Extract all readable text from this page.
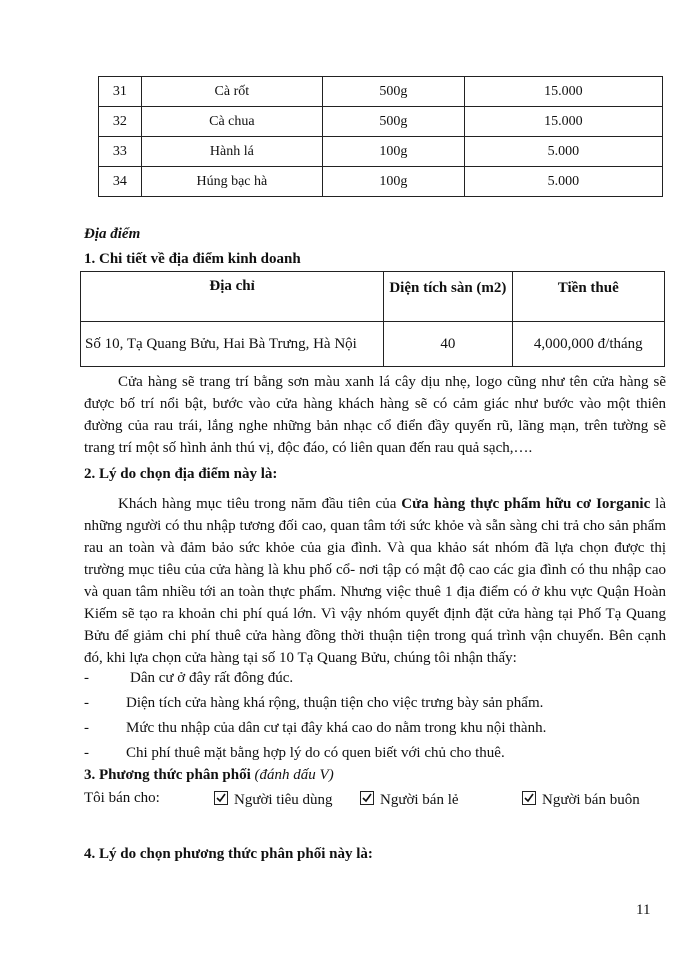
31	Cà rốt	500g	15.000
32	Cà chua	500g	15.000
33	Hành lá	100g	5.000
34	Húng bạc hà	100g	5.000
Địa điểm
1. Chi tiết về địa điểm kinh doanh
Địa chỉ	Diện tích sàn (m2)	Tiền thuê
Số 10, Tạ Quang Bửu, Hai Bà Trưng, Hà Nội	40	4,000,000 đ/tháng
Cửa hàng sẽ trang trí bằng sơn màu xanh lá cây dịu nhẹ, logo cũng như tên cửa hàng sẽ được bố trí nổi bật, bước vào cửa hàng khách hàng sẽ có cảm giác như bước vào một thiên đường của rau trái, lắng nghe những bản nhạc cổ điển đầy quyến rũ, lãng mạn, trên tường sẽ trang trí một số hình ảnh thú vị, độc đáo, có liên quan đến rau quả sạch,….
2. Lý do chọn địa điểm này là:
Khách hàng mục tiêu trong năm đầu tiên của Cửa hàng thực phẩm hữu cơ Iorganic là những người có thu nhập tương đối cao, quan tâm tới sức khỏe và sẵn sàng chi trả cho sản phẩm rau an toàn và đảm bảo sức khỏe của gia đình. Và qua khảo sát nhóm đã lựa chọn được thị trường mục tiêu của cửa hàng là khu phố cổ- nơi tập có mật độ cao các gia đình có thu nhập cao và quan tâm nhiều tới an toàn thực phẩm. Nhưng việc thuê 1 địa điểm có ở khu vực Quận Hoàn Kiếm sẽ tạo ra khoản chi phí quá lớn. Vì vậy nhóm quyết định đặt cửa hàng tại Phố Tạ Quang Bửu để giảm chi phí thuê cửa hàng đồng thời thuận tiện trong quá trình vận chuyển. Bên cạnh đó, khi lựa chọn cửa hàng tại số 10 Tạ Quang Bửu, chúng tôi nhận thấy:
-	Dân cư ở đây rất đông đúc.
- Diện tích cửa hàng khá rộng, thuận tiện cho việc trưng bày sản phẩm.
- Mức thu nhập của dân cư tại đây khá cao do nằm trong khu nội thành.
- Chi phí thuê mặt bằng hợp lý do có quen biết với chủ cho thuê.
3. Phương thức phân phối (đánh dấu V)
Tôi bán cho:	Người tiêu dùng	Người bán lẻ	Người bán buôn
4. Lý do chọn phương thức phân phối này là:
11
